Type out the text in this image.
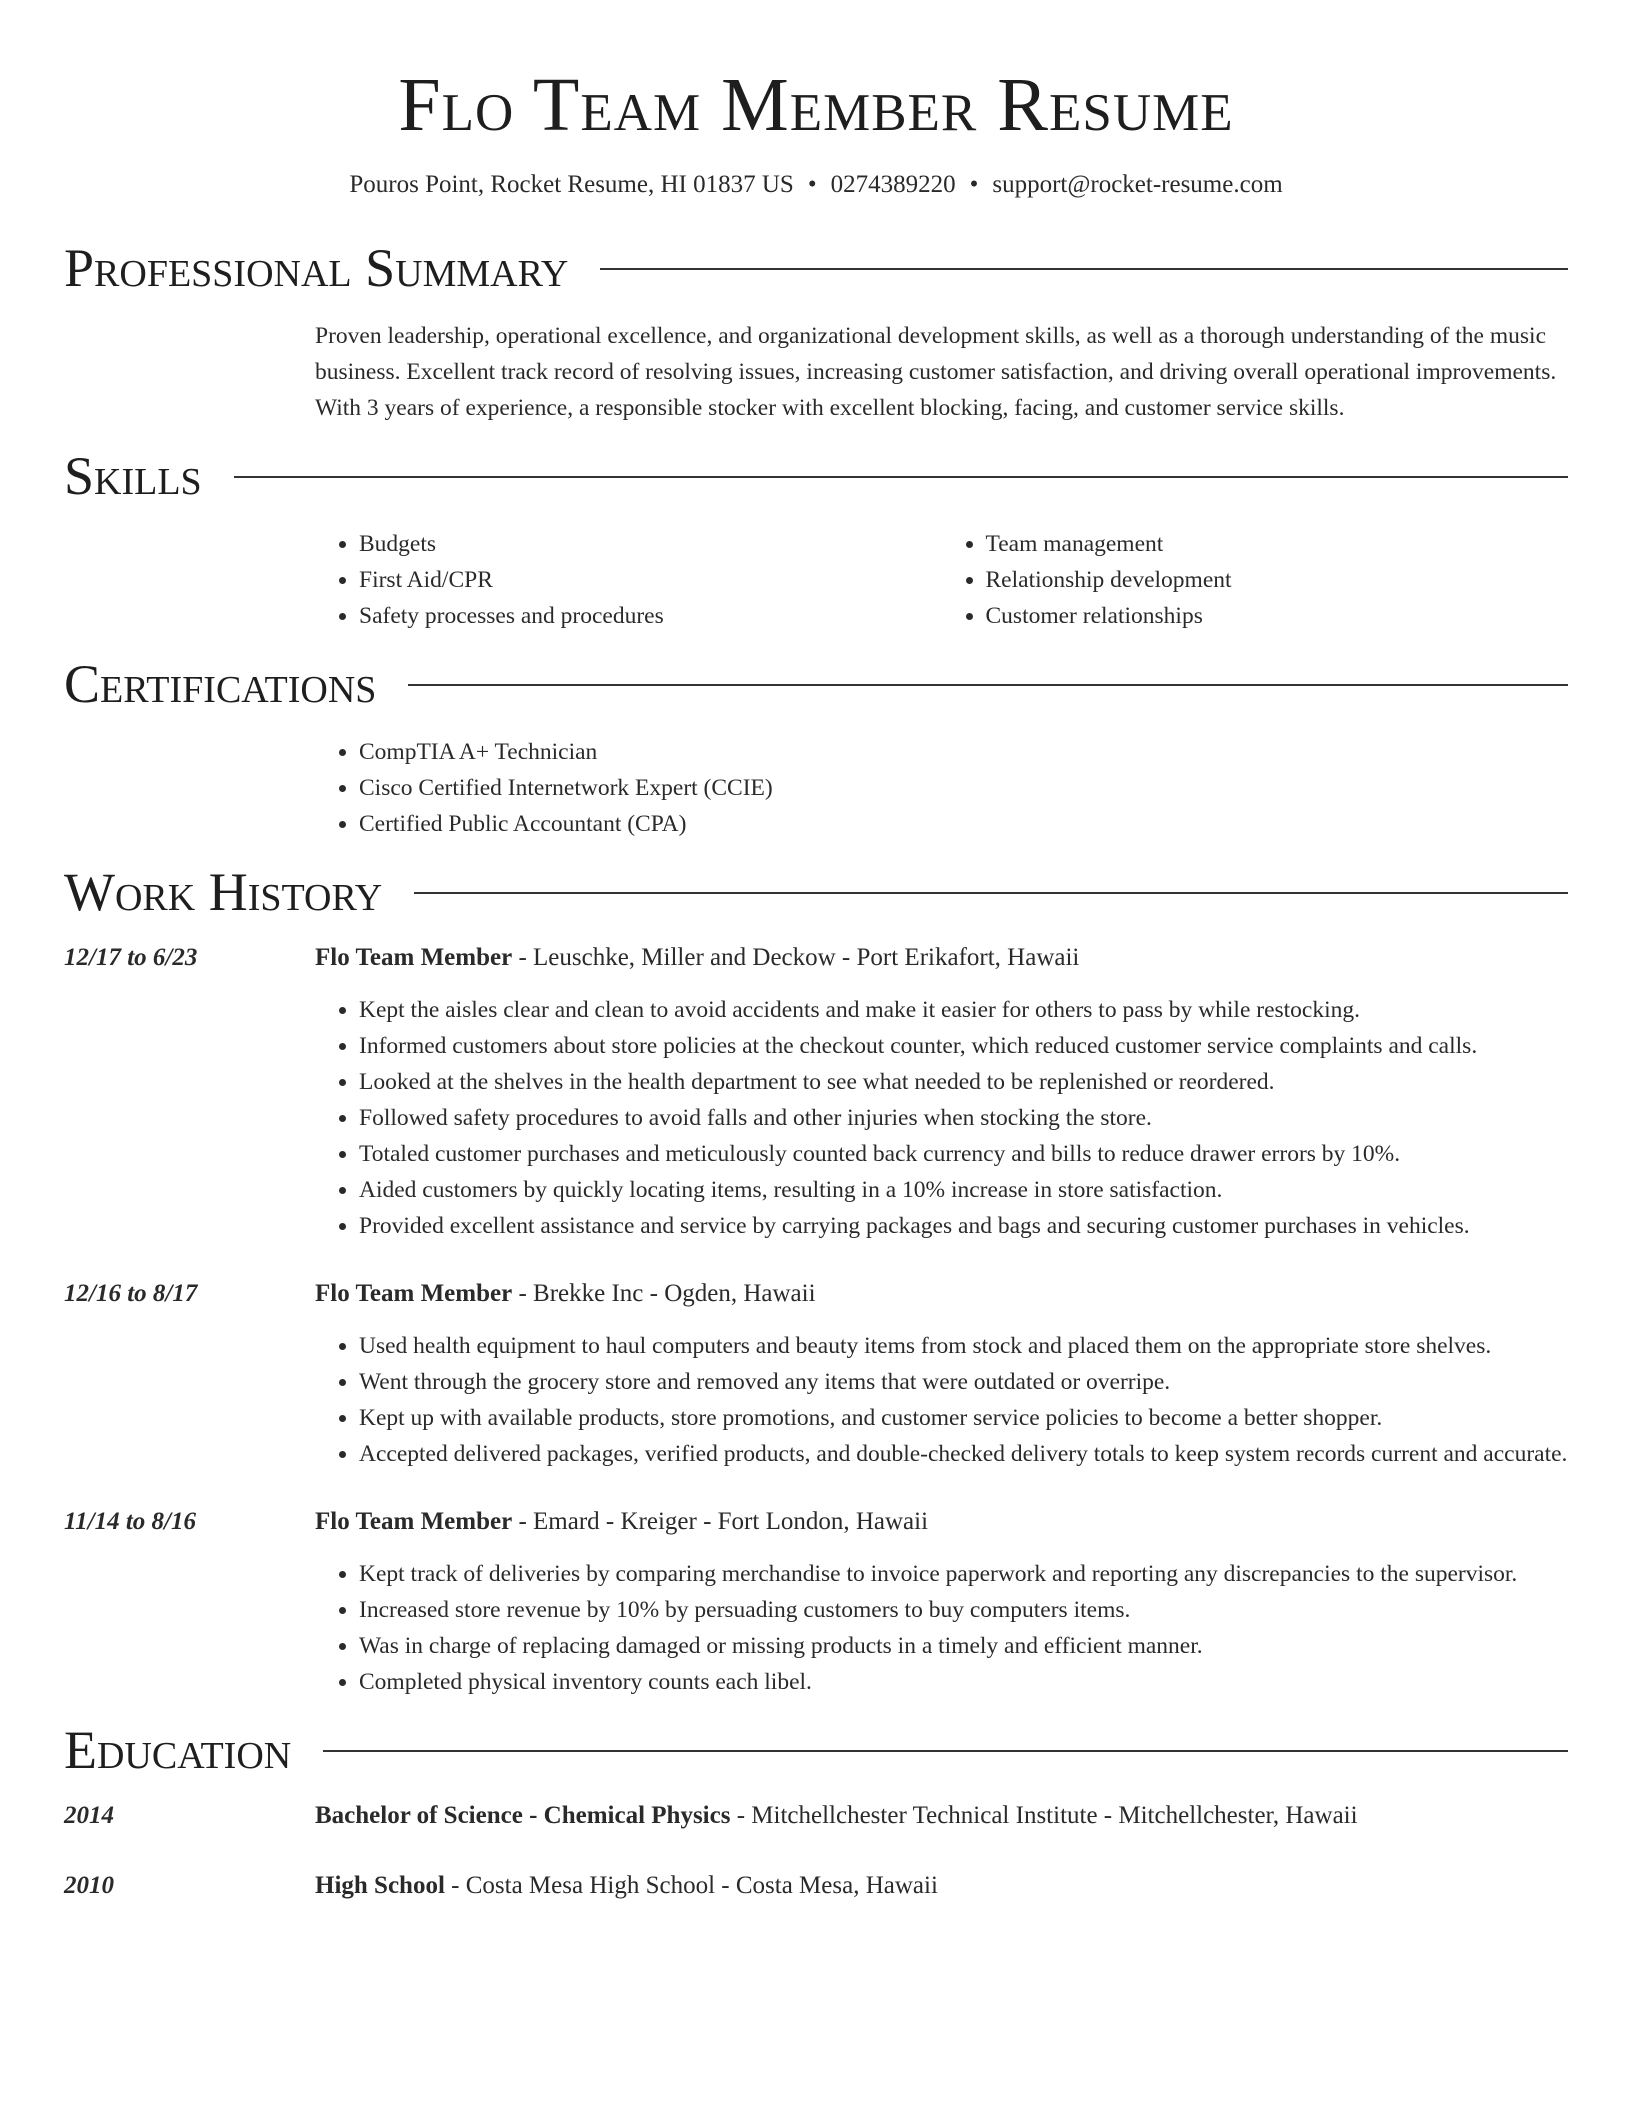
Flo Team Member Resume
Pouros Point, Rocket Resume, HI 01837 US • 0274389220 • support@rocket-resume.com
Professional Summary
Proven leadership, operational excellence, and organizational development skills, as well as a thorough understanding of the music business. Excellent track record of resolving issues, increasing customer satisfaction, and driving overall operational improvements. With 3 years of experience, a responsible stocker with excellent blocking, facing, and customer service skills.
Skills
• Budgets
• First Aid/CPR
• Safety processes and procedures
• Team management
• Relationship development
• Customer relationships
Certifications
• CompTIA A+ Technician
• Cisco Certified Internetwork Expert (CCIE)
• Certified Public Accountant (CPA)
Work History
12/17 to 6/23	Flo Team Member - Leuschke, Miller and Deckow - Port Erikafort, Hawaii
• Kept the aisles clear and clean to avoid accidents and make it easier for others to pass by while restocking.
• Informed customers about store policies at the checkout counter, which reduced customer service complaints and calls.
• Looked at the shelves in the health department to see what needed to be replenished or reordered.
• Followed safety procedures to avoid falls and other injuries when stocking the store.
• Totaled customer purchases and meticulously counted back currency and bills to reduce drawer errors by 10%.
• Aided customers by quickly locating items, resulting in a 10% increase in store satisfaction.
• Provided excellent assistance and service by carrying packages and bags and securing customer purchases in vehicles.
12/16 to 8/17	Flo Team Member - Brekke Inc - Ogden, Hawaii
• Used health equipment to haul computers and beauty items from stock and placed them on the appropriate store shelves.
• Went through the grocery store and removed any items that were outdated or overripe.
• Kept up with available products, store promotions, and customer service policies to become a better shopper.
• Accepted delivered packages, verified products, and double-checked delivery totals to keep system records current and accurate.
11/14 to 8/16	Flo Team Member - Emard - Kreiger - Fort London, Hawaii
• Kept track of deliveries by comparing merchandise to invoice paperwork and reporting any discrepancies to the supervisor.
• Increased store revenue by 10% by persuading customers to buy computers items.
• Was in charge of replacing damaged or missing products in a timely and efficient manner.
• Completed physical inventory counts each libel.
Education
2014	Bachelor of Science - Chemical Physics - Mitchellchester Technical Institute - Mitchellchester, Hawaii
2010	High School - Costa Mesa High School - Costa Mesa, Hawaii
